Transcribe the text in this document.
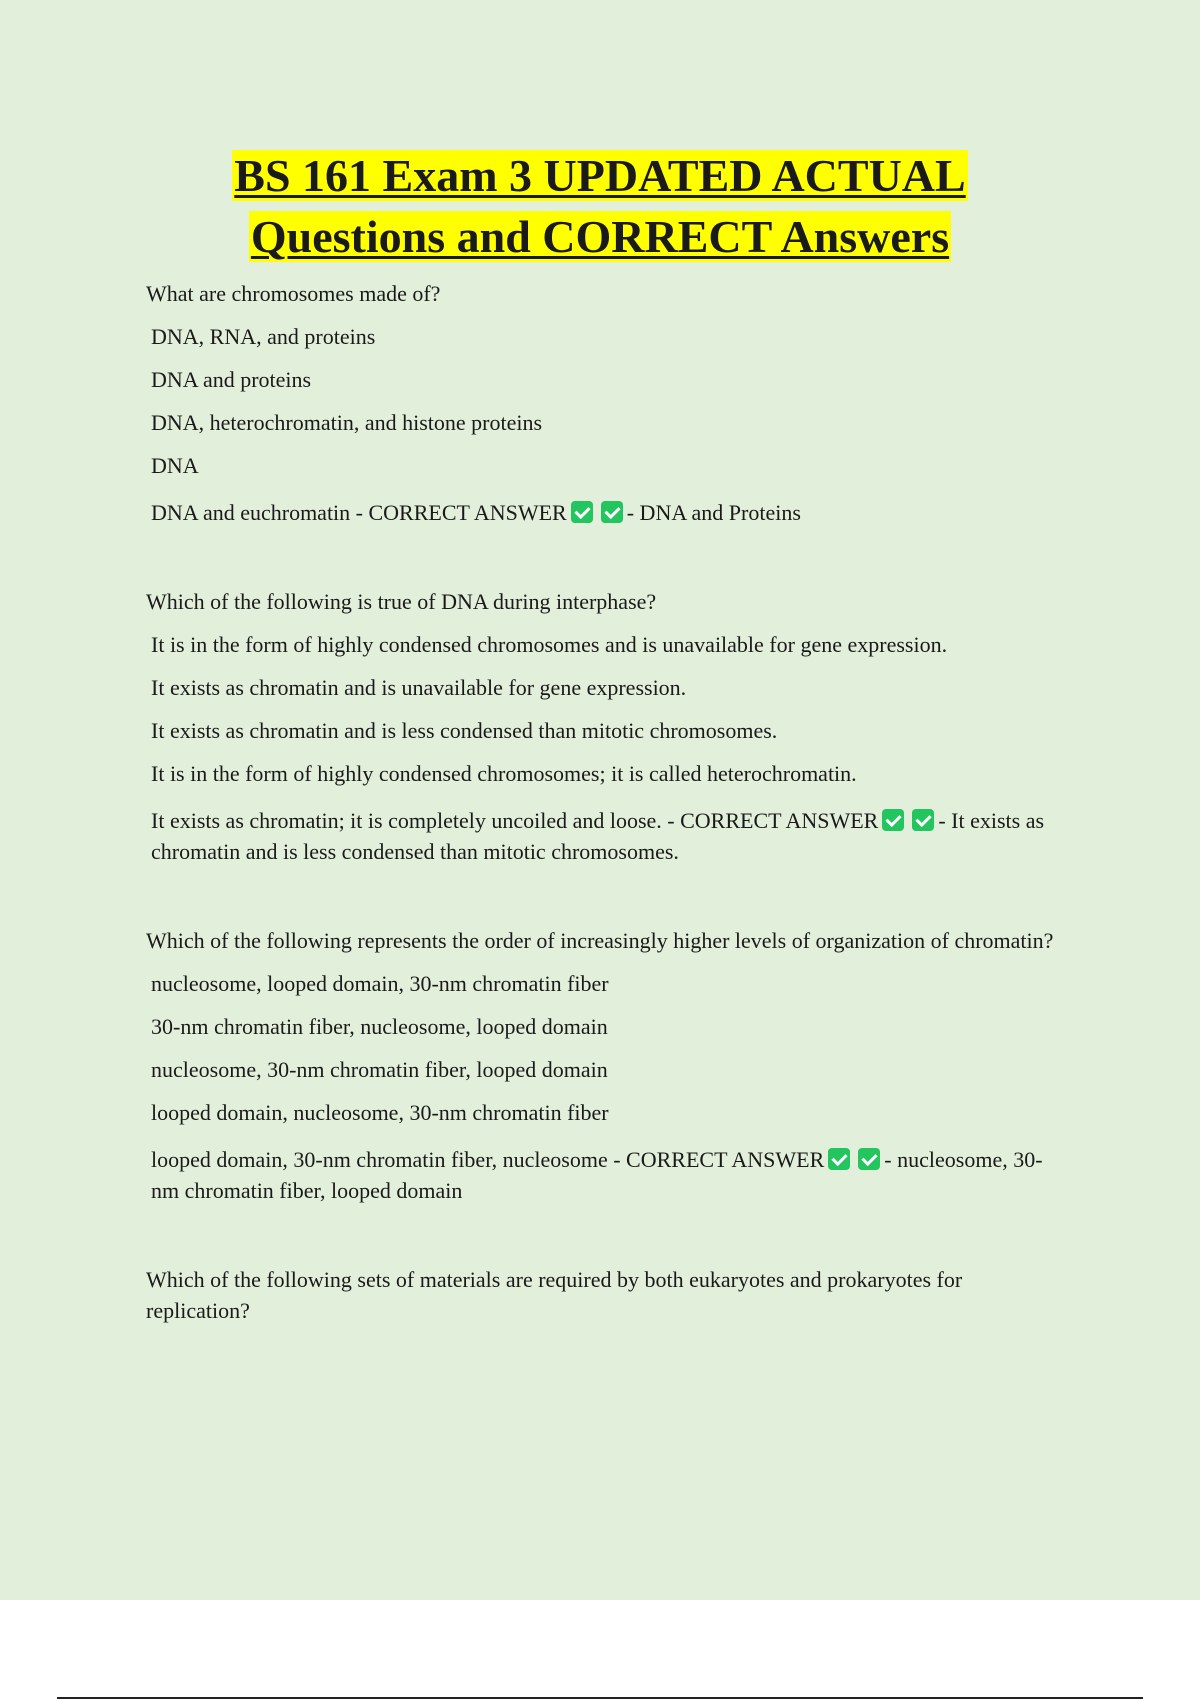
BS 161 Exam 3 UPDATED ACTUAL
Questions and CORRECT Answers

What are chromosomes made of?

DNA, RNA, and proteins

DNA and proteins

DNA, heterochromatin, and histone proteins

DNA

DNA and euchromatin - CORRECT ANSWER	- DNA and Proteins

Which of the following is true of DNA during interphase?

It is in the form of highly condensed chromosomes and is unavailable for gene expression.

It exists as chromatin and is unavailable for gene expression.

It exists as chromatin and is less condensed than mitotic chromosomes.

It is in the form of highly condensed chromosomes; it is called heterochromatin.

It exists as chromatin; it is completely uncoiled and loose. - CORRECT ANSWER	- It exists as chromatin and is less condensed than mitotic chromosomes.

Which of the following represents the order of increasingly higher levels of organization of chromatin?

nucleosome, looped domain, 30-nm chromatin fiber

30-nm chromatin fiber, nucleosome, looped domain

nucleosome, 30-nm chromatin fiber, looped domain

looped domain, nucleosome, 30-nm chromatin fiber

looped domain, 30-nm chromatin fiber, nucleosome - CORRECT ANSWER	- nucleosome, 30-nm chromatin fiber, looped domain

Which of the following sets of materials are required by both eukaryotes and prokaryotes for replication?
